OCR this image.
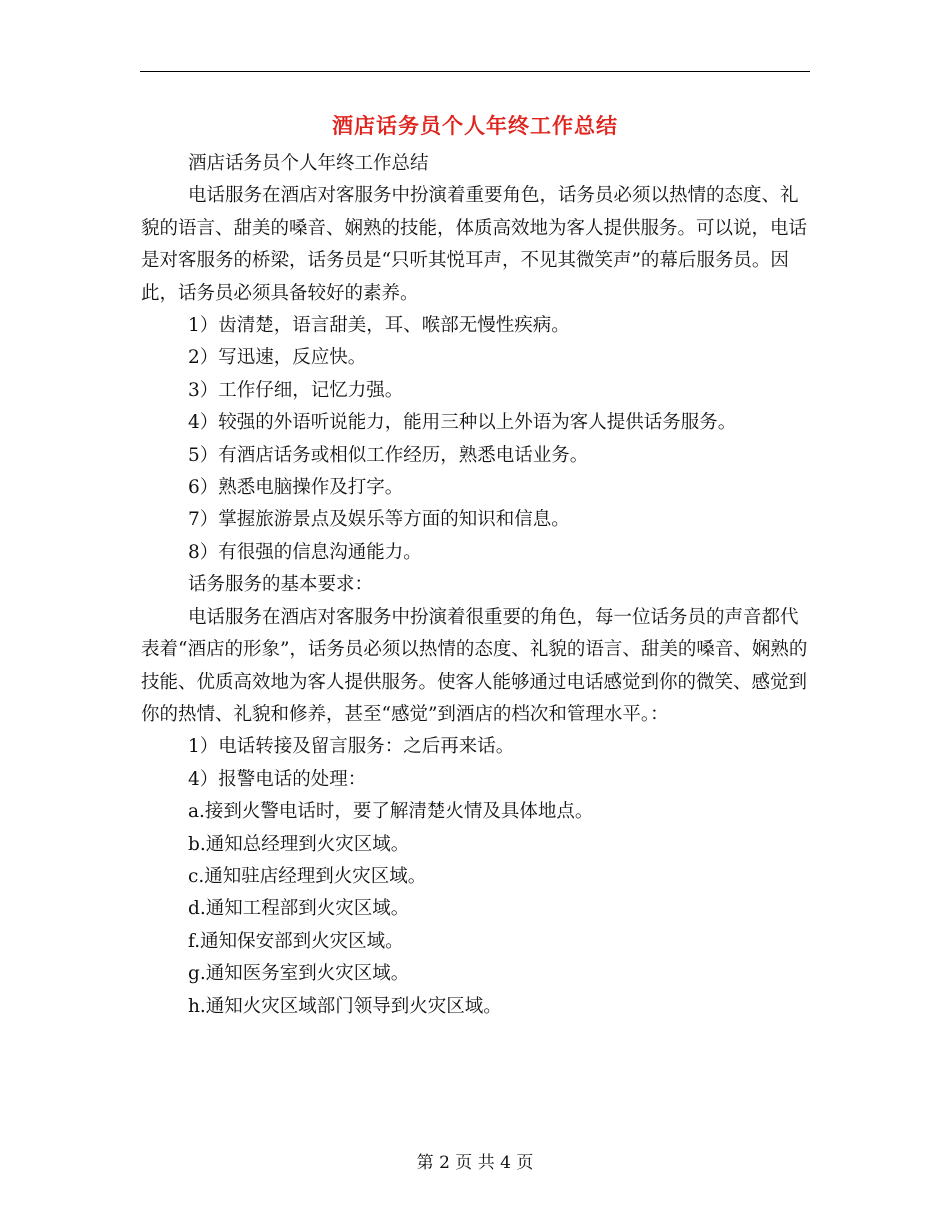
酒店话务员个人年终工作总结

酒店话务员个人年终工作总结

电话服务在酒店对客服务中扮演着重要角色，话务员必须以热情的态度、礼貌的语言、甜美的嗓音、娴熟的技能，体质高效地为客人提供服务。可以说，电话是对客服务的桥梁，话务员是“只听其悦耳声，不见其微笑声”的幕后服务员。因此，话务员必须具备较好的素养。

1）齿清楚，语言甜美，耳、喉部无慢性疾病。

2）写迅速，反应快。

3）工作仔细，记忆力强。

4）较强的外语听说能力，能用三种以上外语为客人提供话务服务。

5）有酒店话务或相似工作经历，熟悉电话业务。

6）熟悉电脑操作及打字。

7）掌握旅游景点及娱乐等方面的知识和信息。

8）有很强的信息沟通能力。

话务服务的基本要求：

电话服务在酒店对客服务中扮演着很重要的角色，每一位话务员的声音都代表着“酒店的形象”，话务员必须以热情的态度、礼貌的语言、甜美的嗓音、娴熟的技能、优质高效地为客人提供服务。使客人能够通过电话感觉到你的微笑、感觉到你的热情、礼貌和修养，甚至“感觉”到酒店的档次和管理水平。：

1）电话转接及留言服务：之后再来话。

4）报警电话的处理：

a.接到火警电话时，要了解清楚火情及具体地点。

b.通知总经理到火灾区域。

c.通知驻店经理到火灾区域。

d.通知工程部到火灾区域。

f.通知保安部到火灾区域。

g.通知医务室到火灾区域。

h.通知火灾区域部门领导到火灾区域。

第 2 页 共 4 页
